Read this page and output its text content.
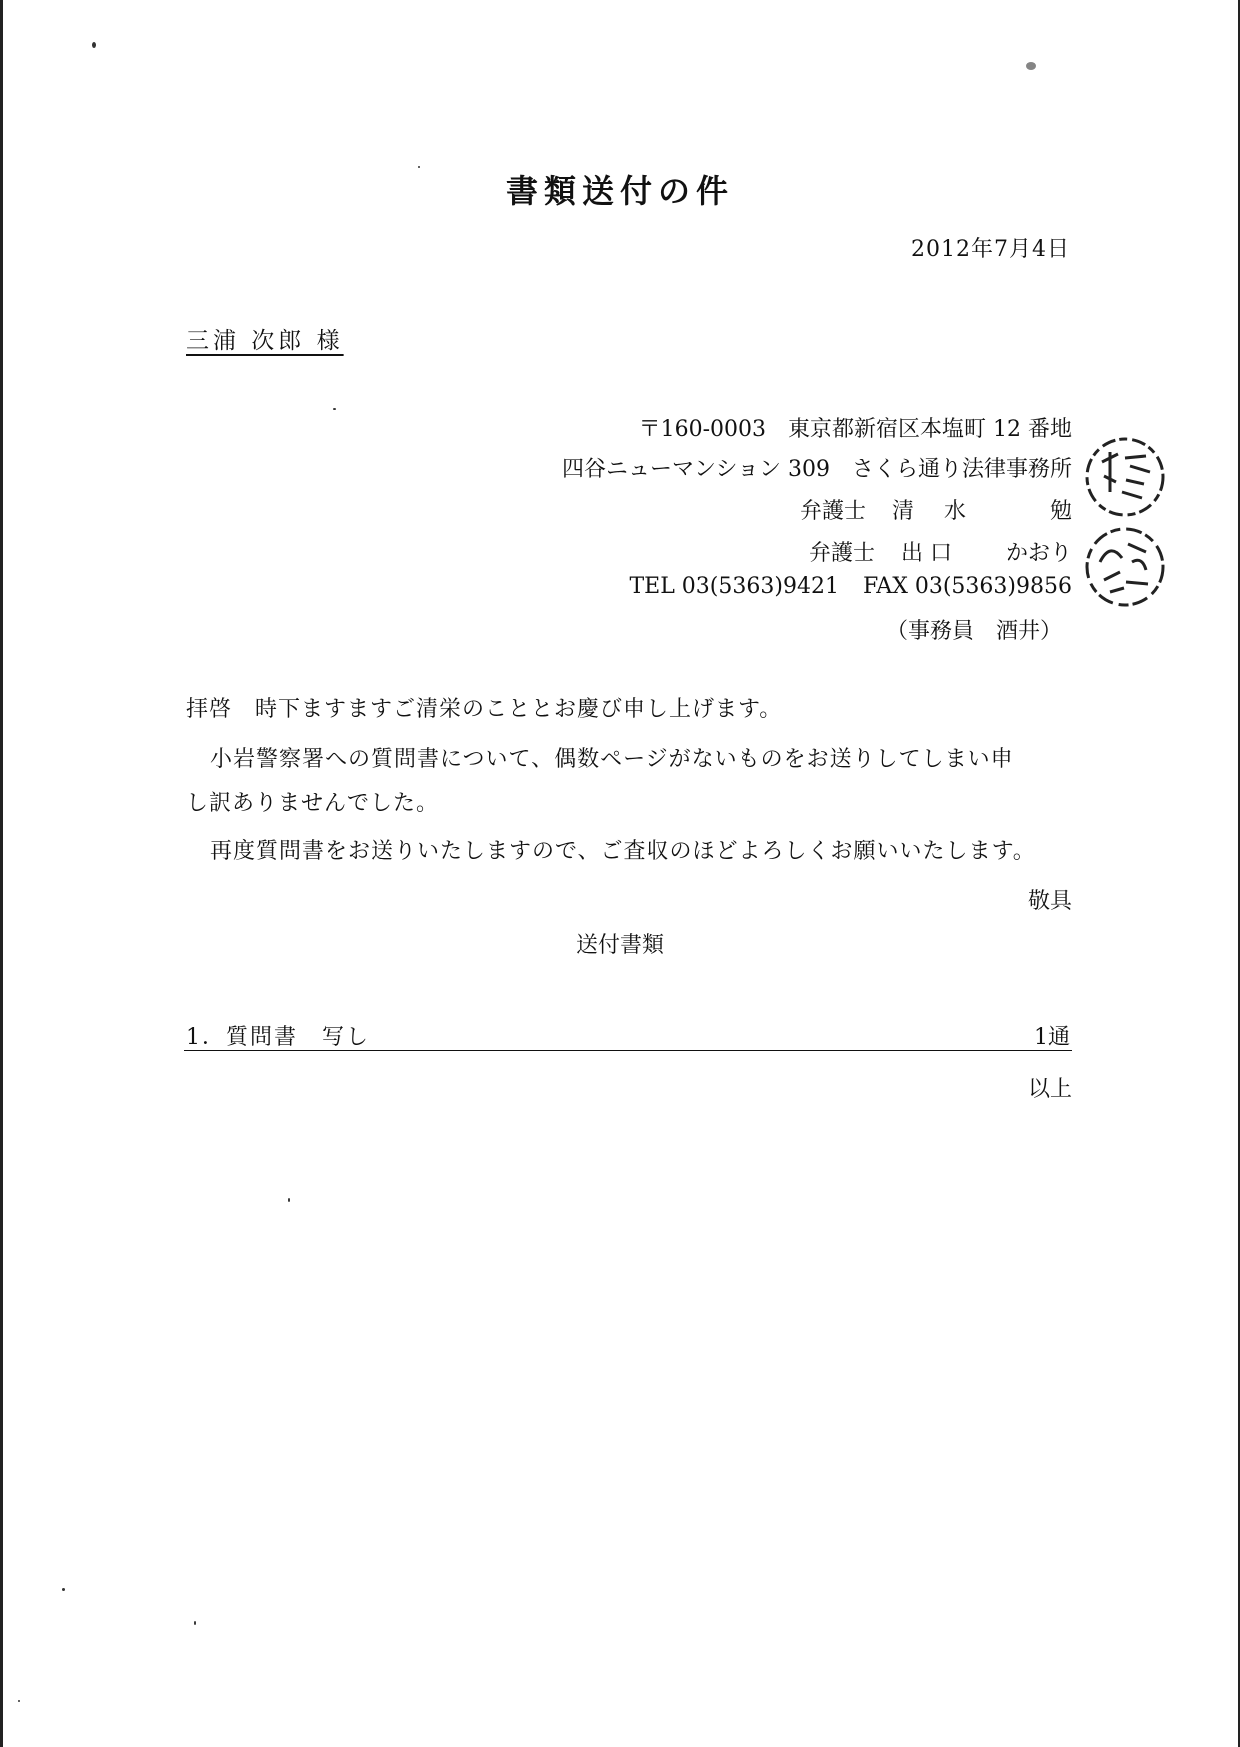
書類送付の件
2012年7月4日
三浦 次郎 様
〒160-0003　東京都新宿区本塩町 12 番地
四谷ニューマンション 309　さくら通り法律事務所
弁護士 清水 勉
弁護士 出 口 かおり
TEL 03(5363)9421 FAX 03(5363)9856
（事務員 酒井）
拝啓　時下ますますご清栄のこととお慶び申し上げます。
小岩警察署への質問書について、偶数ページがないものをお送りしてしまい申
し訳ありませんでした。
再度質問書をお送りいたしますので、ご査収のほどよろしくお願いいたします。
敬具
送付書類
1．質問書　写し	1通
以上
